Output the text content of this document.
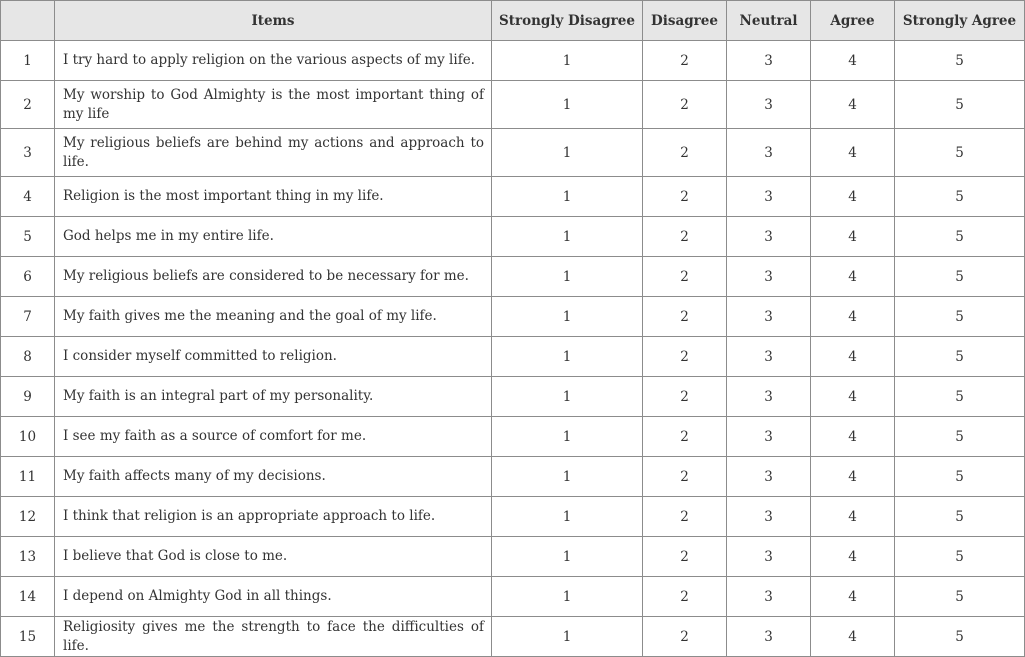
	Items	Strongly Disagree	Disagree	Neutral	Agree	Strongly Agree
1	I try hard to apply religion on the various aspects of my life.	1	2	3	4	5
2	My worship to God Almighty is the most important thing of my life	1	2	3	4	5
3	My religious beliefs are behind my actions and approach to life.	1	2	3	4	5
4	Religion is the most important thing in my life.	1	2	3	4	5
5	God helps me in my entire life.	1	2	3	4	5
6	My religious beliefs are considered to be necessary for me.	1	2	3	4	5
7	My faith gives me the meaning and the goal of my life.	1	2	3	4	5
8	I consider myself committed to religion.	1	2	3	4	5
9	My faith is an integral part of my personality.	1	2	3	4	5
10	I see my faith as a source of comfort for me.	1	2	3	4	5
11	My faith affects many of my decisions.	1	2	3	4	5
12	I think that religion is an appropriate approach to life.	1	2	3	4	5
13	I believe that God is close to me.	1	2	3	4	5
14	I depend on Almighty God in all things.	1	2	3	4	5
15	Religiosity gives me the strength to face the difficulties of life.	1	2	3	4	5
